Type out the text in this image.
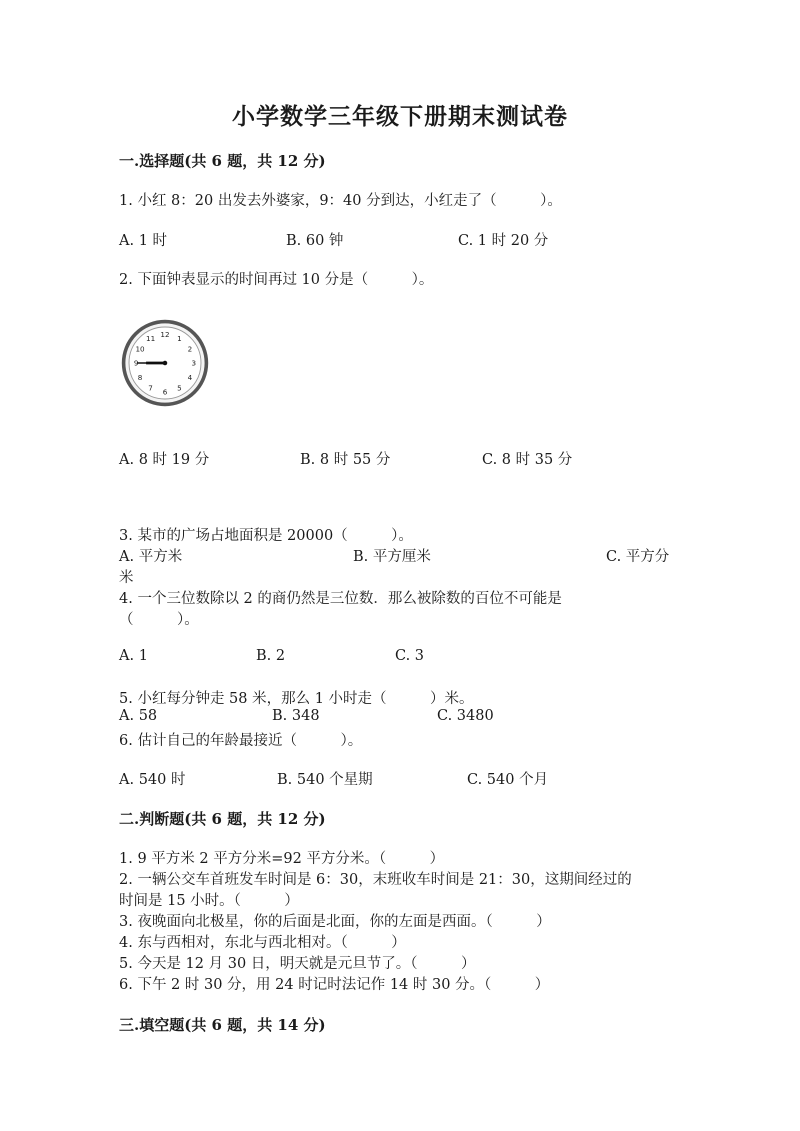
小学数学三年级下册期末测试卷
一.选择题(共 6 题，共 12 分)
1. 小红 8：20 出发去外婆家，9：40 分到达，小红走了（　　　）。
A. 1 时	B. 60 钟	C. 1 时 20 分
2. 下面钟表显示的时间再过 10 分是（　　　）。
12 1
2
3
4
5
6
7
8
9
10
11
A. 8 时 19 分	B. 8 时 55 分	C. 8 时 35 分
3. 某市的广场占地面积是 20000（　　　）。
A. 平方米	B. 平方厘米	C. 平方分
米
4. 一个三位数除以 2 的商仍然是三位数．那么被除数的百位不可能是
（　　　）。
A. 1	B. 2	C. 3
5. 小红每分钟走 58 米，那么 1 小时走（　　　）米。
A. 58	B. 348	C. 3480
6. 估计自己的年龄最接近（　　　）。
A. 540 时	B. 540 个星期	C. 540 个月
二.判断题(共 6 题，共 12 分)
1. 9 平方米 2 平方分米=92 平方分米。（　　　）
2. 一辆公交车首班发车时间是 6：30，末班收车时间是 21：30，这期间经过的
时间是 15 小时。（　　　）
3. 夜晚面向北极星，你的后面是北面，你的左面是西面。（　　　）
4. 东与西相对，东北与西北相对。（　　　）
5. 今天是 12 月 30 日，明天就是元旦节了。（　　　）
6. 下午 2 时 30 分，用 24 时记时法记作 14 时 30 分。（　　　）
三.填空题(共 6 题，共 14 分)
